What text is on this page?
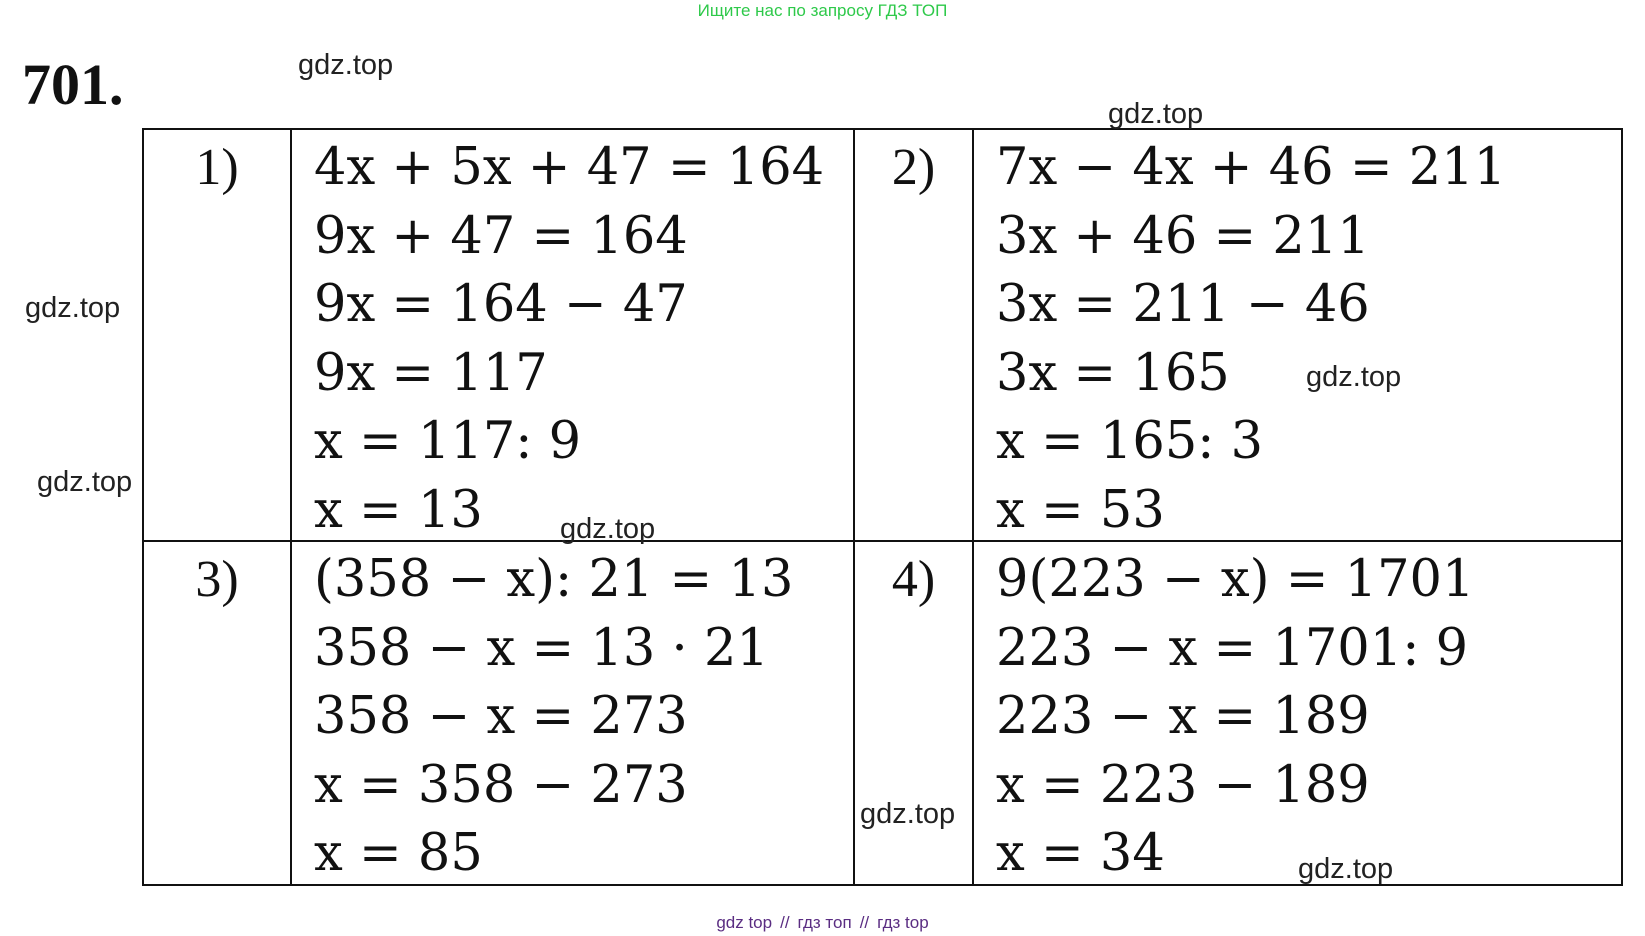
Ищите нас по запросу ГДЗ ТОП
701.
1)	4x + 5x + 47 = 164
9x + 47 = 164
9x = 164 − 47
9x = 117
x = 117: 9
x = 13
2)	7x − 4x + 46 = 211
3x + 46 = 211
3x = 211 − 46
3x = 165
x = 165: 3
x = 53
3)	(358 − x): 21 = 13
358 − x = 13 · 21
358 − x = 273
x = 358 − 273
x = 85
4)	9(223 − x) = 1701
223 − x = 1701: 9
223 − x = 189
x = 223 − 189
x = 34
gdz.top
gdz.top
gdz.top
gdz.top
gdz.top
gdz.top
gdz.top
gdz.top
gdz top // гдз топ // гдз top
